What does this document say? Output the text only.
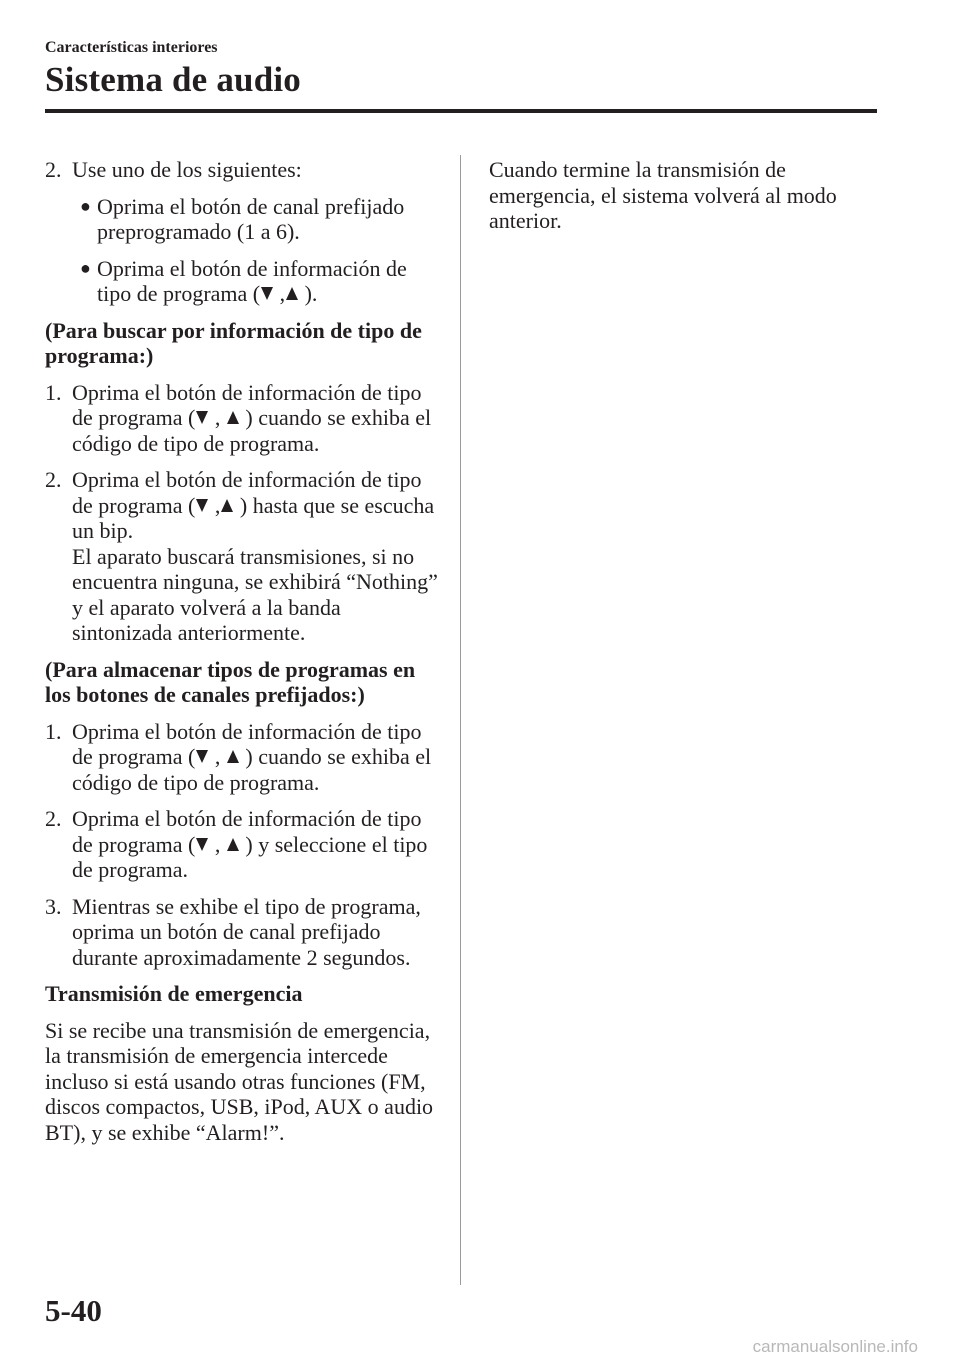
Características interiores
Sistema de audio
2. Use uno de los siguientes:
● Oprima el botón de canal prefijado preprogramado (1 a 6).
● Oprima el botón de información de tipo de programa ( , ).
(Para buscar por información de tipo de programa:)
1. Oprima el botón de información de tipo de programa ( ,  ) cuando se exhiba el código de tipo de programa.
2. Oprima el botón de información de tipo de programa ( , ) hasta que se escucha un bip.
El aparato buscará transmisiones, si no encuentra ninguna, se exhibirá “Nothing” y el aparato volverá a la banda sintonizada anteriormente.
(Para almacenar tipos de programas en los botones de canales prefijados:)
1. Oprima el botón de información de tipo de programa ( ,  ) cuando se exhiba el código de tipo de programa.
2. Oprima el botón de información de tipo de programa ( ,  ) y seleccione el tipo de programa.
3. Mientras se exhibe el tipo de programa, oprima un botón de canal prefijado durante aproximadamente 2 segundos.
Transmisión de emergencia
Si se recibe una transmisión de emergencia, la transmisión de emergencia intercede incluso si está usando otras funciones (FM, discos compactos, USB, iPod, AUX o audio BT), y se exhibe “Alarm!”.
Cuando termine la transmisión de emergencia, el sistema volverá al modo anterior.
5-40
carmanualsonline.info
